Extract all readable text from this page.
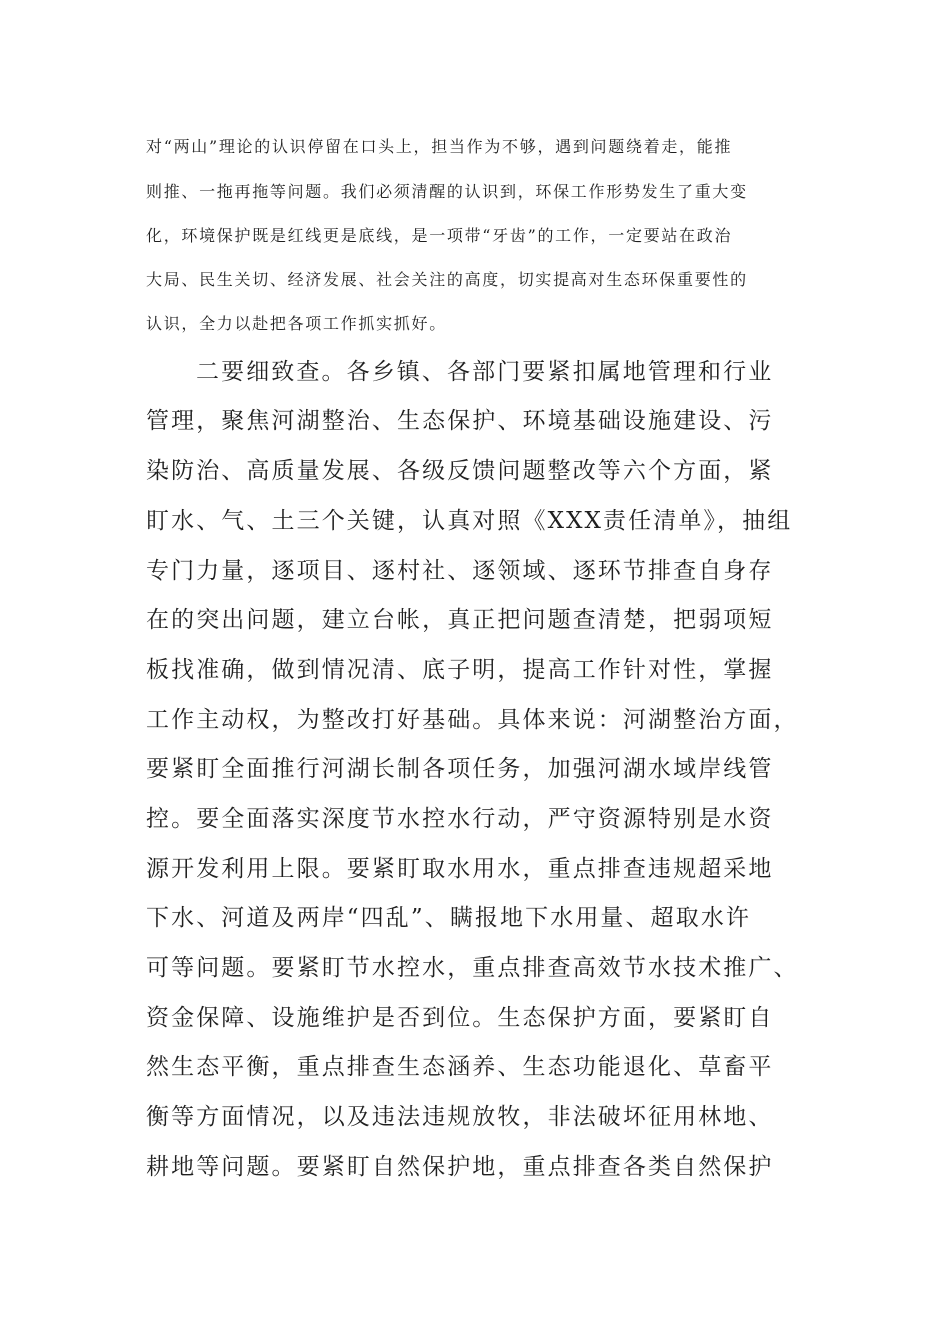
对“两山”理论的认识停留在口头上，担当作为不够，遇到问题绕着走，能推
则推、一拖再拖等问题。我们必须清醒的认识到，环保工作形势发生了重大变
化，环境保护既是红线更是底线，是一项带“牙齿”的工作，一定要站在政治
大局、民生关切、经济发展、社会关注的高度，切实提高对生态环保重要性的
认识，全力以赴把各项工作抓实抓好。
二要细致查。各乡镇、各部门要紧扣属地管理和行业
管理，聚焦河湖整治、生态保护、环境基础设施建设、污
染防治、高质量发展、各级反馈问题整改等六个方面，紧
盯水、气、土三个关键，认真对照《XXX责任清单》，抽组
专门力量，逐项目、逐村社、逐领域、逐环节排查自身存
在的突出问题，建立台帐，真正把问题查清楚，把弱项短
板找准确，做到情况清、底子明，提高工作针对性，掌握
工作主动权，为整改打好基础。具体来说：河湖整治方面，
要紧盯全面推行河湖长制各项任务，加强河湖水域岸线管
控。要全面落实深度节水控水行动，严守资源特别是水资
源开发利用上限。要紧盯取水用水，重点排查违规超采地
下水、河道及两岸“四乱”、瞒报地下水用量、超取水许
可等问题。要紧盯节水控水，重点排查高效节水技术推广、
资金保障、设施维护是否到位。生态保护方面，要紧盯自
然生态平衡，重点排查生态涵养、生态功能退化、草畜平
衡等方面情况，以及违法违规放牧，非法破坏征用林地、
耕地等问题。要紧盯自然保护地，重点排查各类自然保护
